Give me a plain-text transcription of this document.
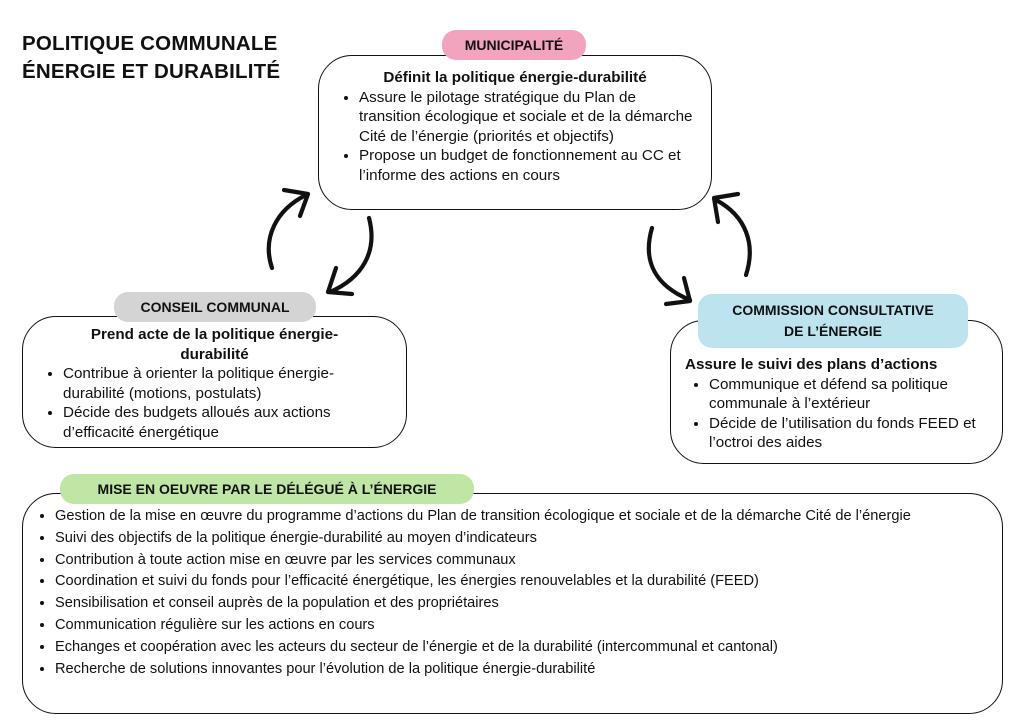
POLITIQUE COMMUNALE
ÉNERGIE ET DURABILITÉ	Définit la politique énergie-durabilité
• Assure le pilotage stratégique du Plan de transition écologique et sociale et de la démarche Cité de l’énergie (priorités et objectifs)
• Propose un budget de fonctionnement au CC et l’informe des actions en cours
MUNICIPALITÉ
Prend acte de la politique énergie-durabilité
• Contribue à orienter la politique énergie-durabilité (motions, postulats)
• Décide des budgets alloués aux actions d’efficacité énergétique
CONSEIL COMMUNAL
Assure le suivi des plans d’actions
• Communique et défend sa politique communale à l’extérieur
• Décide de l’utilisation du fonds FEED et l’octroi des aides
COMMISSION CONSULTATIVE
DE L’ÉNERGIE
• Gestion de la mise en œuvre du programme d’actions du Plan de transition écologique et sociale et de la démarche Cité de l’énergie
• Suivi des objectifs de la politique énergie-durabilité au moyen d’indicateurs
• Contribution à toute action mise en œuvre par les services communaux
• Coordination et suivi du fonds pour l’efficacité énergétique, les énergies renouvelables et la durabilité (FEED)
• Sensibilisation et conseil auprès de la population et des propriétaires
• Communication régulière sur les actions en cours
• Echanges et coopération avec les acteurs du secteur de l’énergie et de la durabilité (intercommunal et cantonal)
• Recherche de solutions innovantes pour l’évolution de la politique énergie-durabilité
MISE EN OEUVRE PAR LE DÉLÉGUÉ À L’ÉNERGIE
